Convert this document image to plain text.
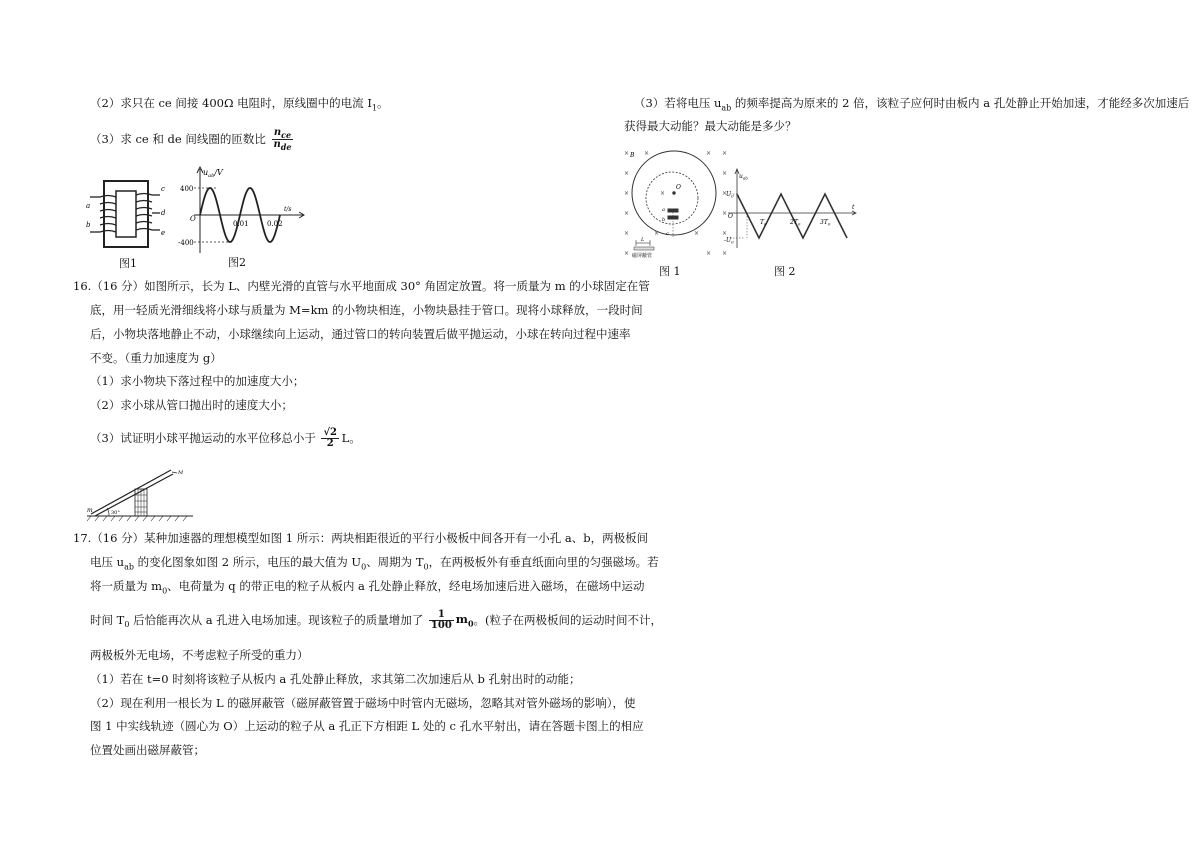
（2）求只在 ce 间接 400Ω 电阻时，原线圈中的电流 $I_1$。
（3）求 ce 和 de 间线圈的匝数比 $\frac{n_{ce}}{n_{de}}$
a
b
c
d
e
图1
$u_{ab}/V$
400
-400
O
t/s
0.01	0.02
图2
16.（16 分）如图所示，长为 L、内壁光滑的直管与水平地面成 30° 角固定放置。将一质量为 m 的小球固定在管
底，用一轻质光滑细线将小球与质量为 M=km 的小物块相连，小物块悬挂于管口。现将小球释放，一段时间
后，小物块落地静止不动，小球继续向上运动，通过管口的转向装置后做平抛运动，小球在转向过程中速率
不变。（重力加速度为 g）
（1）求小物块下落过程中的加速度大小；
（2）求小球从管口抛出时的速度大小；
（3）试证明小球平抛运动的水平位移总小于 $\frac{√2}{2}$ L。
m
M
30°
17.（16 分）某种加速器的理想模型如图 1 所示：两块相距很近的平行小极板中间各开有一小孔 a、b，两极板间
电压 $u_{ab}$ 的变化图象如图 2 所示，电压的最大值为 $U_0$、周期为 $T_0$，在两极板外有垂直纸面向里的匀强磁场。若
将一质量为 $m_0$、电荷量为 q 的带正电的粒子从板内 a 孔处静止释放，经电场加速后进入磁场，在磁场中运动
时间 $T_0$ 后恰能再次从 a 孔进入电场加速。现该粒子的质量增加了 $\frac{1}{100} m_0$。(粒子在两极板间的运动时间不计，
两极板外无电场，不考虑粒子所受的重力）
（1）若在 t=0 时刻将该粒子从板内 a 孔处静止释放，求其第二次加速后从 b 孔射出时的动能；
（2）现在利用一根长为 L 的磁屏蔽管（磁屏蔽管置于磁场中时管内无磁场，忽略其对管外磁场的影响），使
图 1 中实线轨迹（圆心为 O）上运动的粒子从 a 孔正下方相距 L 处的 c 孔水平射出，请在答题卡图上的相应
位置处画出磁屏蔽管；
（3）若将电压 $u_{ab}$ 的频率提高为原来的 2 倍，该粒子应何时由板内 a 孔处静止开始加速，才能经多次加速后
获得最大动能？最大动能是多少？
× ×	× ×
×	×
×	×	×
×	×
×	×	×	×
×	× ×
B
O
a
b
c
L
磁屏蔽管
图 1
$u_{ab}$
$U_0$
O
$-U_0$
$T_0$	$2T_0$	$3T_0$
t
图 2
